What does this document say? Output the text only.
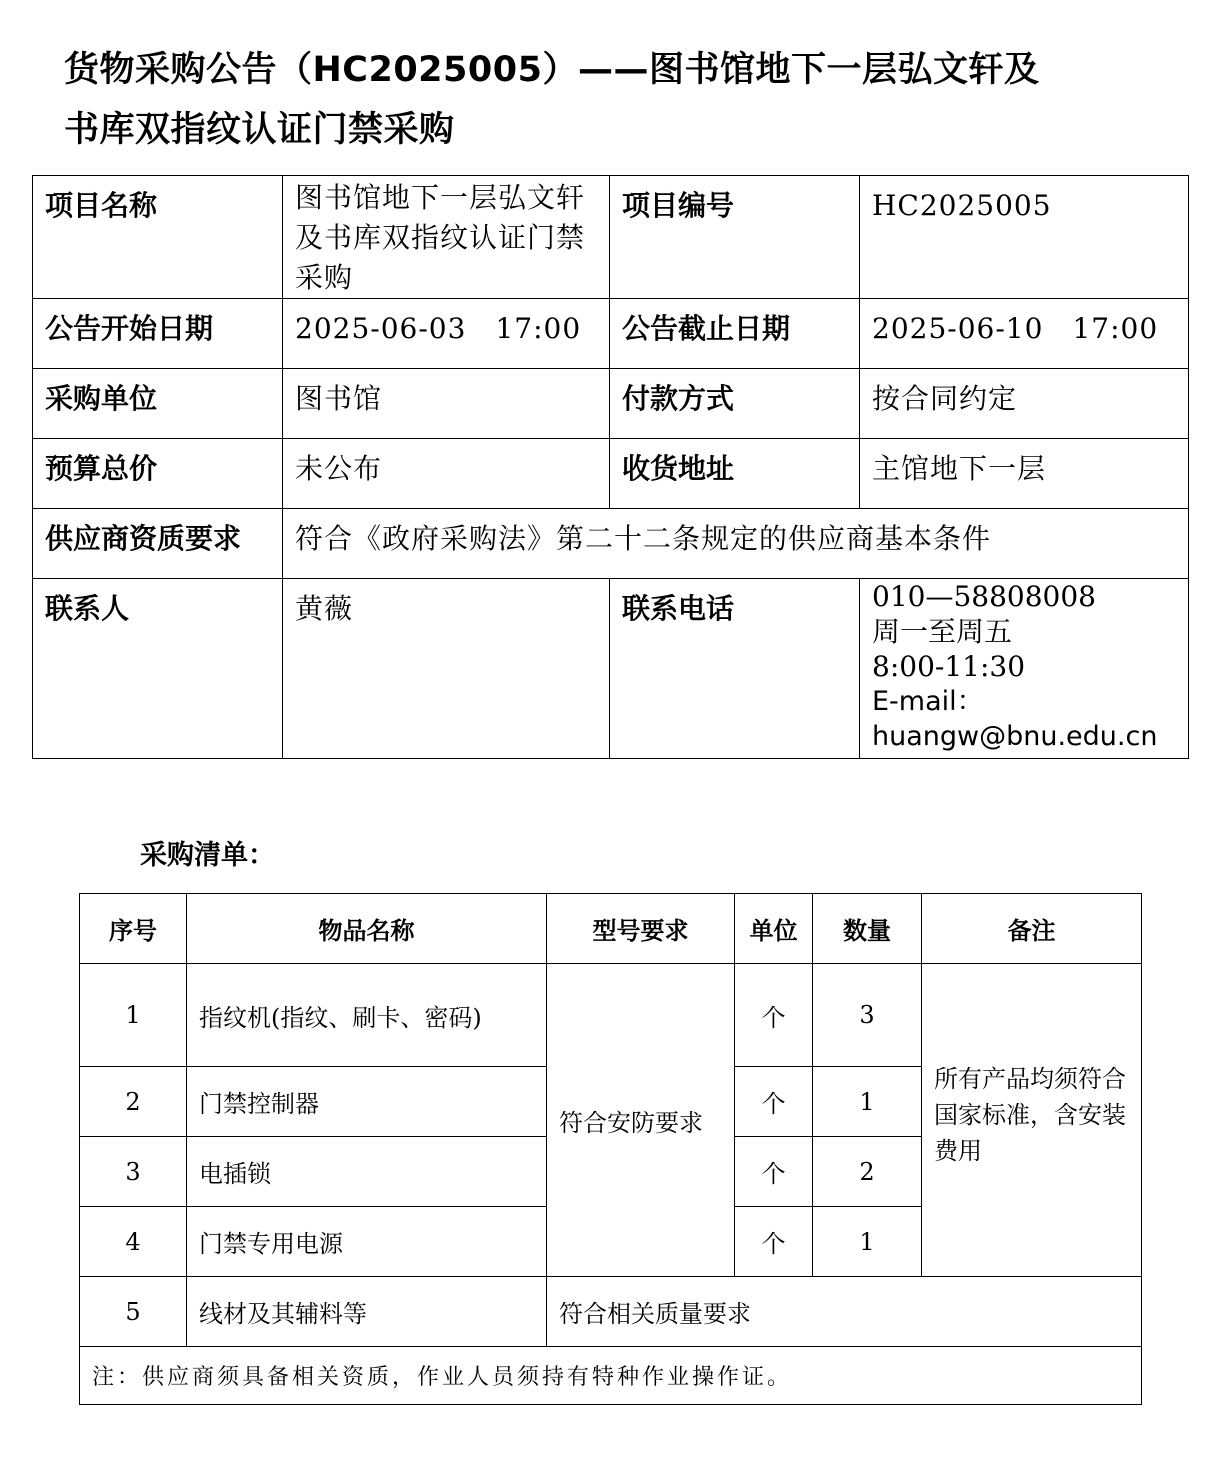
货物采购公告（HC2025005）——图书馆地下一层弘文轩及
书库双指纹认证门禁采购
项目名称	图书馆地下一层弘文轩及书库双指纹认证门禁采购	项目编号	HC2025005
公告开始日期	2025-06-03　17:00	公告截止日期	2025-06-10　17:00
采购单位	图书馆	付款方式	按合同约定
预算总价	未公布	收货地址	主馆地下一层
供应商资质要求	符合《政府采购法》第二十二条规定的供应商基本条件		
联系人	黄薇	联系电话	010—58808008
周一至周五
8:00-11:30
E-mail：
huangw@bnu.edu.cn
采购清单：
序号	物品名称	型号要求	单位	数量	备注
1	指纹机(指纹、刷卡、密码)	符合安防要求	个	3	所有产品均须符合国家标准，含安装费用
2	门禁控制器		个	1	
3	电插锁		个	2	
4	门禁专用电源		个	1	
5	线材及其辅料等	符合相关质量要求			
注：供应商须具备相关资质，作业人员须持有特种作业操作证。					
